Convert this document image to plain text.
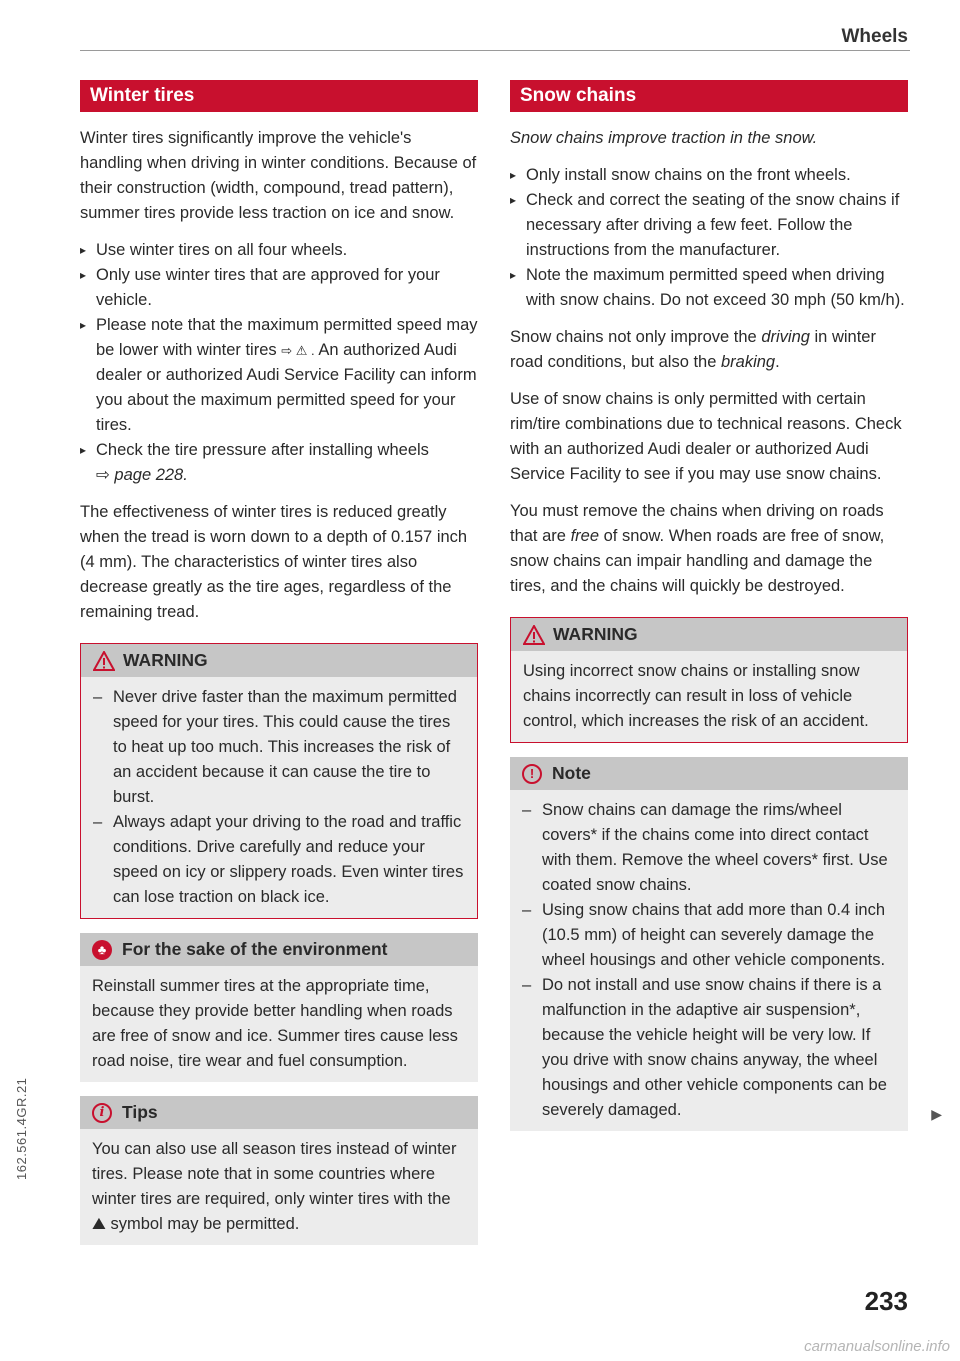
Wheels
162.561.4GR.21
Winter tires

Winter tires significantly improve the vehicle's handling when driving in winter conditions. Because of their construction (width, compound, tread pattern), summer tires provide less traction on ice and snow.

▸ Use winter tires on all four wheels.
▸ Only use winter tires that are approved for your vehicle.
▸ Please note that the maximum permitted speed may be lower with winter tires ⇨ ⚠ . An authorized Audi dealer or authorized Audi Service Facility can inform you about the maximum permitted speed for your tires.
▸ Check the tire pressure after installing wheels
⇨ page 228.

The effectiveness of winter tires is reduced greatly when the tread is worn down to a depth of 0.157 inch (4 mm). The characteristics of winter tires also decrease greatly as the tire ages, regardless of the remaining tread.

WARNING
– Never drive faster than the maximum permitted speed for your tires. This could cause the tires to heat up too much. This increases the risk of an accident because it can cause the tire to burst.
– Always adapt your driving to the road and traffic conditions. Drive carefully and reduce your speed on icy or slippery roads. Even winter tires can lose traction on black ice.
♣ For the sake of the environment

Reinstall summer tires at the appropriate time, because they provide better handling when roads are free of snow and ice. Summer tires cause less road noise, tire wear and fuel consumption.

i	Tips

You can also use all season tires instead of winter tires. Please note that in some countries where winter tires are required, only winter tires with the ⛰ symbol may be permitted.

Snow chains

Snow chains improve traction in the snow.

▸ Only install snow chains on the front wheels.
▸ Check and correct the seating of the snow chains if necessary after driving a few feet. Follow the instructions from the manufacturer.
▸ Note the maximum permitted speed when driving with snow chains. Do not exceed 30 mph (50 km/h).

Snow chains not only improve the driving in winter road conditions, but also the braking.

Use of snow chains is only permitted with certain rim/tire combinations due to technical reasons. Check with an authorized Audi dealer or authorized Audi Service Facility to see if you may use snow chains.

You must remove the chains when driving on roads that are free of snow. When roads are free of snow, snow chains can impair handling and damage the tires, and the chains will quickly be destroyed.

WARNING

Using incorrect snow chains or installing snow chains incorrectly can result in loss of vehicle control, which increases the risk of an accident.

!	Note
– Snow chains can damage the rims/wheel covers* if the chains come into direct contact with them. Remove the wheel covers* first. Use coated snow chains.
– Using snow chains that add more than 0.4 inch (10.5 mm) of height can severely damage the wheel housings and other vehicle components.
– Do not install and use snow chains if there is a malfunction in the adaptive air suspension*, because the vehicle height will be very low. If you drive with snow chains anyway, the wheel housings and other vehicle components can be severely damaged.	▶
233
carmanualsonline.info
